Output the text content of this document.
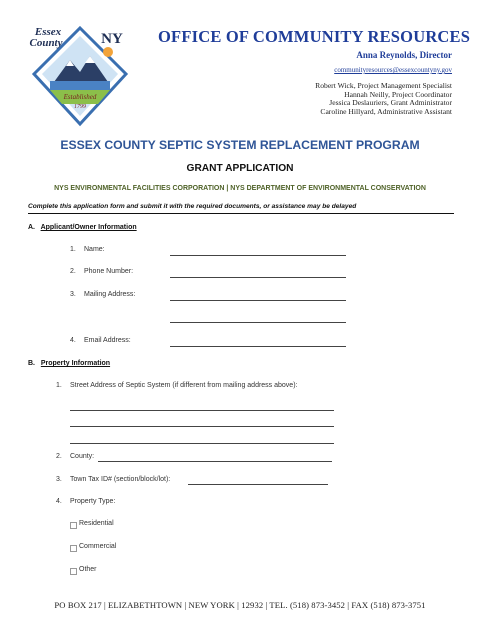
Established
1799
Essex
County	NY OFFICE OF COMMUNITY RESOURCES
Anna Reynolds, Director
communityresources@essexcountyny.gov
Robert Wick, Project Management Specialist
Hannah Neilly, Project Coordinator
Jessica Deslauriers, Grant Administrator
Caroline Hillyard, Administrative Assistant
ESSEX COUNTY SEPTIC SYSTEM REPLACEMENT PROGRAM
GRANT APPLICATION
NYS ENVIRONMENTAL FACILITIES CORPORATION | NYS DEPARTMENT OF ENVIRONMENTAL CONSERVATION
Complete this application form and submit it with the required documents, or assistance may be delayed
A. Applicant/Owner Information
1. Name:
2. Phone Number:
3. Mailing Address:
4. Email Address:
B. Property Information
1. Street Address of Septic System (if different from mailing address above):
2. County:
3. Town Tax ID# (section/block/lot):
4. Property Type:
Residential
Commercial
Other
PO BOX 217 | ELIZABETHTOWN | NEW YORK | 12932 | TEL. (518) 873-3452 | FAX (518) 873-3751
